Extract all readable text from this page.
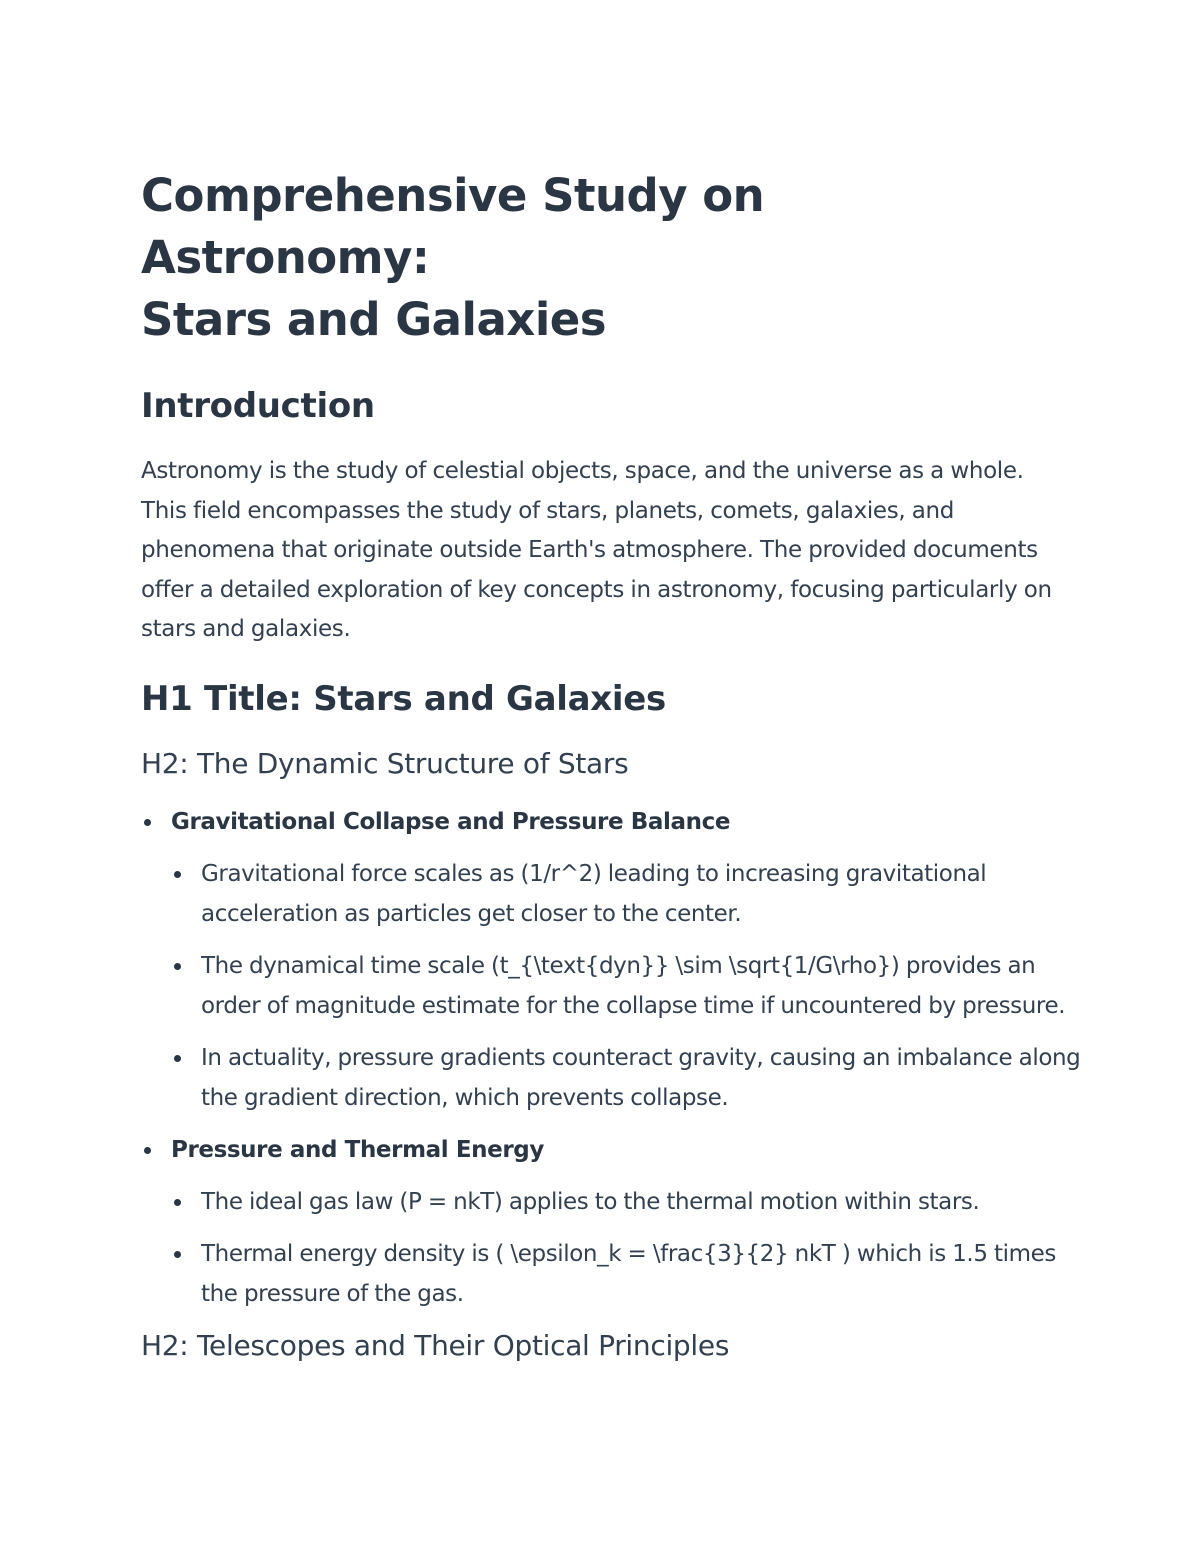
Comprehensive Study on Astronomy:
Stars and Galaxies
Introduction

Astronomy is the study of celestial objects, space, and the universe as a whole. This field encompasses the study of stars, planets, comets, galaxies, and phenomena that originate outside Earth's atmosphere. The provided documents offer a detailed exploration of key concepts in astronomy, focusing particularly on stars and galaxies.

H1 Title: Stars and Galaxies
H2: The Dynamic Structure of Stars
Gravitational Collapse and Pressure Balance
Gravitational force scales as (1/r^2) leading to increasing gravitational acceleration as particles get closer to the center.
The dynamical time scale (t_{\text{dyn}} \sim \sqrt{1/G\rho}) provides an order of magnitude estimate for the collapse time if uncountered by pressure.
In actuality, pressure gradients counteract gravity, causing an imbalance along the gradient direction, which prevents collapse.
Pressure and Thermal Energy
The ideal gas law (P = nkT) applies to the thermal motion within stars.
Thermal energy density is ( \epsilon_k = \frac{3}{2} nkT ) which is 1.5 times the pressure of the gas.
H2: Telescopes and Their Optical Principles
